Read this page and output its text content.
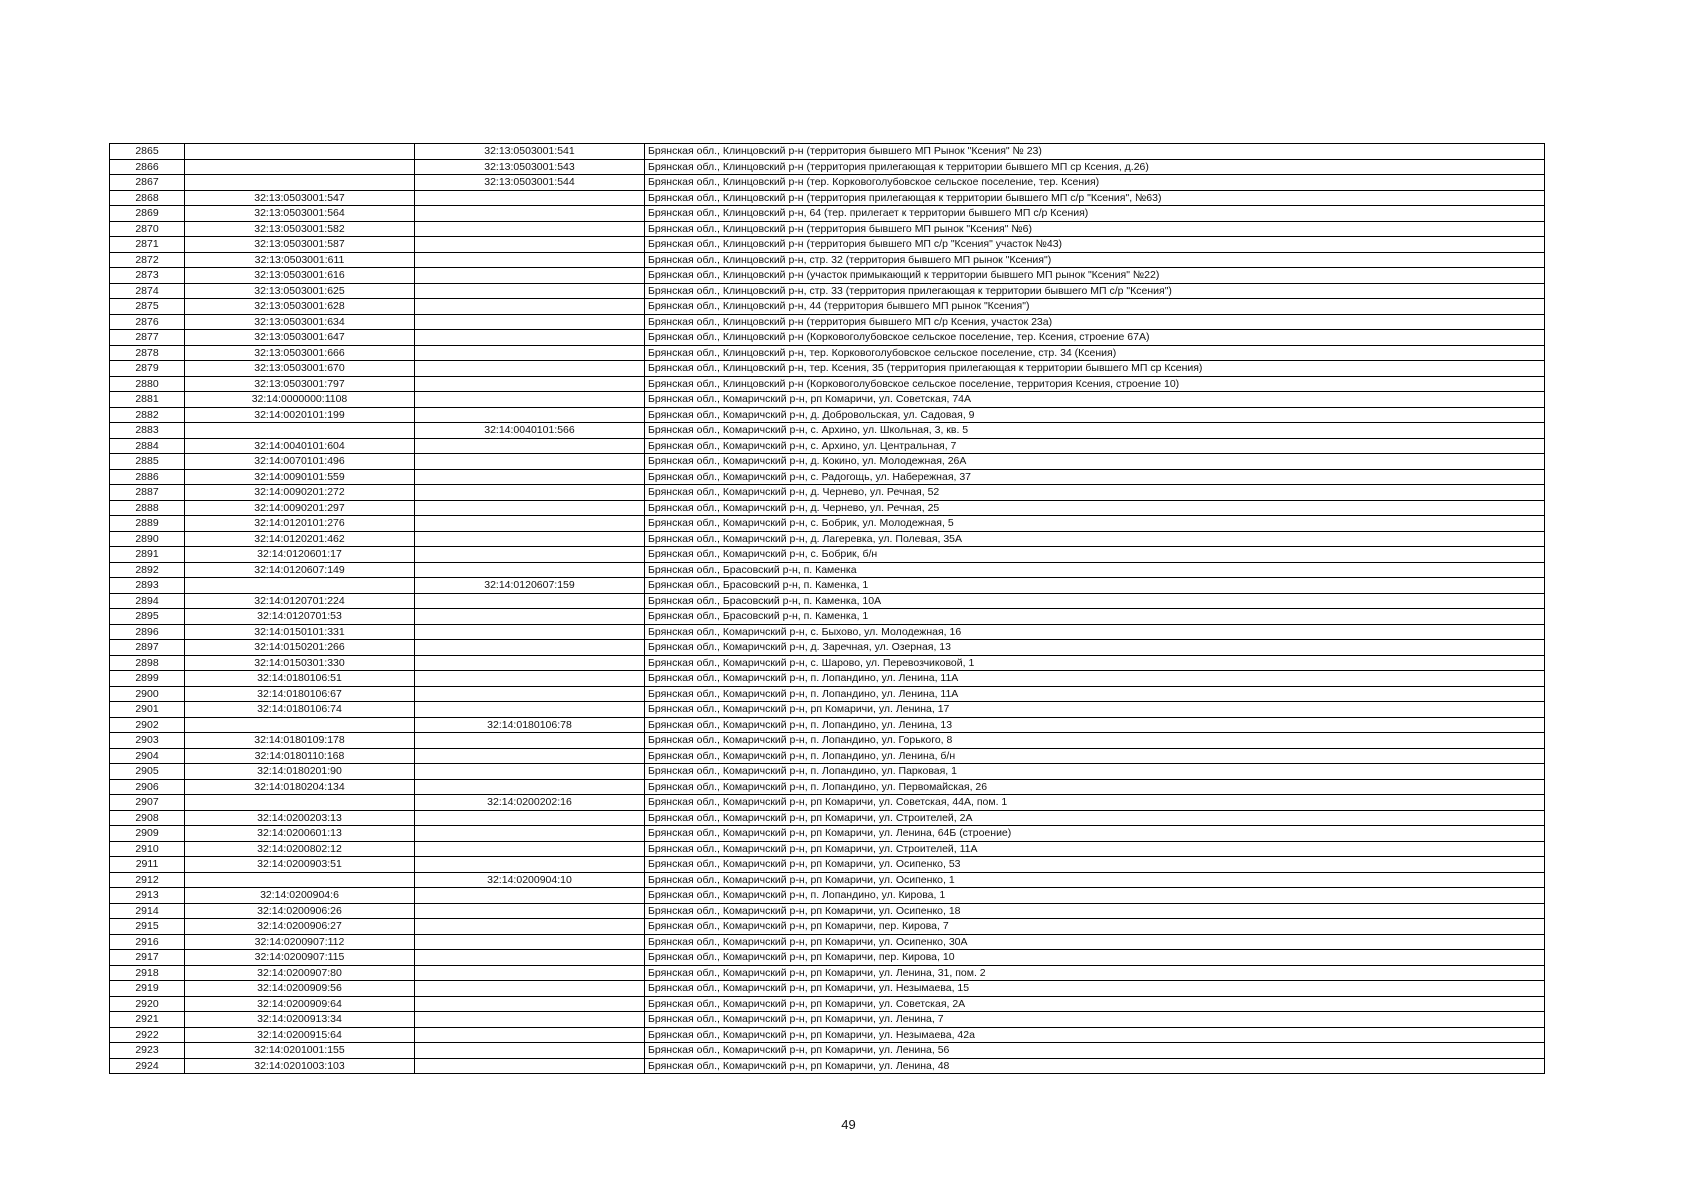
2865		32:13:0503001:541	Брянская обл., Клинцовский р-н (территория бывшего МП Рынок "Ксения" № 23)
2866		32:13:0503001:543	Брянская обл., Клинцовский р-н (территория прилегающая к территории бывшего МП ср Ксения, д.26)
2867		32:13:0503001:544	Брянская обл., Клинцовский р-н (тер. Корковоголубовское сельское поселение, тер. Ксения)
2868	32:13:0503001:547		Брянская обл., Клинцовский р-н (территория прилегающая к территории бывшего МП с/р "Ксения", №63)
2869	32:13:0503001:564		Брянская обл., Клинцовский р-н, 64 (тер. прилегает к территории бывшего МП с/р Ксения)
2870	32:13:0503001:582		Брянская обл., Клинцовский р-н (территория бывшего МП рынок "Ксения" №6)
2871	32:13:0503001:587		Брянская обл., Клинцовский р-н (территория бывшего МП с/р "Ксения" участок №43)
2872	32:13:0503001:611		Брянская обл., Клинцовский р-н, стр. 32 (территория бывшего МП рынок "Ксения")
2873	32:13:0503001:616		Брянская обл., Клинцовский р-н (участок примыкающий к территории бывшего МП рынок "Ксения" №22)
2874	32:13:0503001:625		Брянская обл., Клинцовский р-н, стр. 33 (территория прилегающая к территории бывшего МП с/р "Ксения")
2875	32:13:0503001:628		Брянская обл., Клинцовский р-н, 44 (территория бывшего МП рынок "Ксения")
2876	32:13:0503001:634		Брянская обл., Клинцовский р-н (территория бывшего МП с/р Ксения, участок 23а)
2877	32:13:0503001:647		Брянская обл., Клинцовский р-н (Корковоголубовское сельское поселение, тер. Ксения, строение 67А)
2878	32:13:0503001:666		Брянская обл., Клинцовский р-н, тер. Корковоголубовское сельское поселение, стр. 34 (Ксения)
2879	32:13:0503001:670		Брянская обл., Клинцовский р-н, тер. Ксения, 35 (территория прилегающая к территории бывшего МП ср Ксения)
2880	32:13:0503001:797		Брянская обл., Клинцовский р-н (Корковоголубовское сельское поселение, территория Ксения, строение 10)
2881	32:14:0000000:1108		Брянская обл., Комаричский р-н, рп Комаричи, ул. Советская, 74А
2882	32:14:0020101:199		Брянская обл., Комаричский р-н, д. Добровольская, ул. Садовая, 9
2883		32:14:0040101:566	Брянская обл., Комаричский р-н, с. Архино, ул. Школьная, 3, кв. 5
2884	32:14:0040101:604		Брянская обл., Комаричский р-н, с. Архино, ул. Центральная, 7
2885	32:14:0070101:496		Брянская обл., Комаричский р-н, д. Кокино, ул. Молодежная, 26А
2886	32:14:0090101:559		Брянская обл., Комаричский р-н, с. Радогощь, ул. Набережная, 37
2887	32:14:0090201:272		Брянская обл., Комаричский р-н, д. Чернево, ул. Речная, 52
2888	32:14:0090201:297		Брянская обл., Комаричский р-н, д. Чернево, ул. Речная, 25
2889	32:14:0120101:276		Брянская обл., Комаричский р-н, с. Бобрик, ул. Молодежная, 5
2890	32:14:0120201:462		Брянская обл., Комаричский р-н, д. Лагеревка, ул. Полевая, 35А
2891	32:14:0120601:17		Брянская обл., Комаричский р-н, с. Бобрик, б/н
2892	32:14:0120607:149		Брянская обл., Брасовский р-н, п. Каменка
2893		32:14:0120607:159	Брянская обл., Брасовский р-н, п. Каменка, 1
2894	32:14:0120701:224		Брянская обл., Брасовский р-н, п. Каменка, 10А
2895	32:14:0120701:53		Брянская обл., Брасовский р-н, п. Каменка, 1
2896	32:14:0150101:331		Брянская обл., Комаричский р-н, с. Быхово, ул. Молодежная, 16
2897	32:14:0150201:266		Брянская обл., Комаричский р-н, д. Заречная, ул. Озерная, 13
2898	32:14:0150301:330		Брянская обл., Комаричский р-н, с. Шарово, ул. Перевозчиковой, 1
2899	32:14:0180106:51		Брянская обл., Комаричский р-н, п. Лопандино, ул. Ленина, 11А
2900	32:14:0180106:67		Брянская обл., Комаричский р-н, п. Лопандино, ул. Ленина, 11А
2901	32:14:0180106:74		Брянская обл., Комаричский р-н, рп Комаричи, ул. Ленина, 17
2902		32:14:0180106:78	Брянская обл., Комаричский р-н, п. Лопандино, ул. Ленина, 13
2903	32:14:0180109:178		Брянская обл., Комаричский р-н, п. Лопандино, ул. Горького, 8
2904	32:14:0180110:168		Брянская обл., Комаричский р-н, п. Лопандино, ул. Ленина, б/н
2905	32:14:0180201:90		Брянская обл., Комаричский р-н, п. Лопандино, ул. Парковая, 1
2906	32:14:0180204:134		Брянская обл., Комаричский р-н, п. Лопандино, ул. Первомайская, 26
2907		32:14:0200202:16	Брянская обл., Комаричский р-н, рп Комаричи, ул. Советская, 44А, пом. 1
2908	32:14:0200203:13		Брянская обл., Комаричский р-н, рп Комаричи, ул. Строителей, 2А
2909	32:14:0200601:13		Брянская обл., Комаричский р-н, рп Комаричи, ул. Ленина, 64Б (строение)
2910	32:14:0200802:12		Брянская обл., Комаричский р-н, рп Комаричи, ул. Строителей, 11А
2911	32:14:0200903:51		Брянская обл., Комаричский р-н, рп Комаричи, ул. Осипенко, 53
2912		32:14:0200904:10	Брянская обл., Комаричский р-н, рп Комаричи, ул. Осипенко, 1
2913	32:14:0200904:6		Брянская обл., Комаричский р-н, п. Лопандино, ул. Кирова, 1
2914	32:14:0200906:26		Брянская обл., Комаричский р-н, рп Комаричи, ул. Осипенко, 18
2915	32:14:0200906:27		Брянская обл., Комаричский р-н, рп Комаричи, пер. Кирова, 7
2916	32:14:0200907:112		Брянская обл., Комаричский р-н, рп Комаричи, ул. Осипенко, 30А
2917	32:14:0200907:115		Брянская обл., Комаричский р-н, рп Комаричи, пер. Кирова, 10
2918	32:14:0200907:80		Брянская обл., Комаричский р-н, рп Комаричи, ул. Ленина, 31, пом. 2
2919	32:14:0200909:56		Брянская обл., Комаричский р-н, рп Комаричи, ул. Незымаева, 15
2920	32:14:0200909:64		Брянская обл., Комаричский р-н, рп Комаричи, ул. Советская, 2А
2921	32:14:0200913:34		Брянская обл., Комаричский р-н, рп Комаричи, ул. Ленина, 7
2922	32:14:0200915:64		Брянская обл., Комаричский р-н, рп Комаричи, ул. Незымаева, 42а
2923	32:14:0201001:155		Брянская обл., Комаричский р-н, рп Комаричи, ул. Ленина, 56
2924	32:14:0201003:103		Брянская обл., Комаричский р-н, рп Комаричи, ул. Ленина, 48
49
